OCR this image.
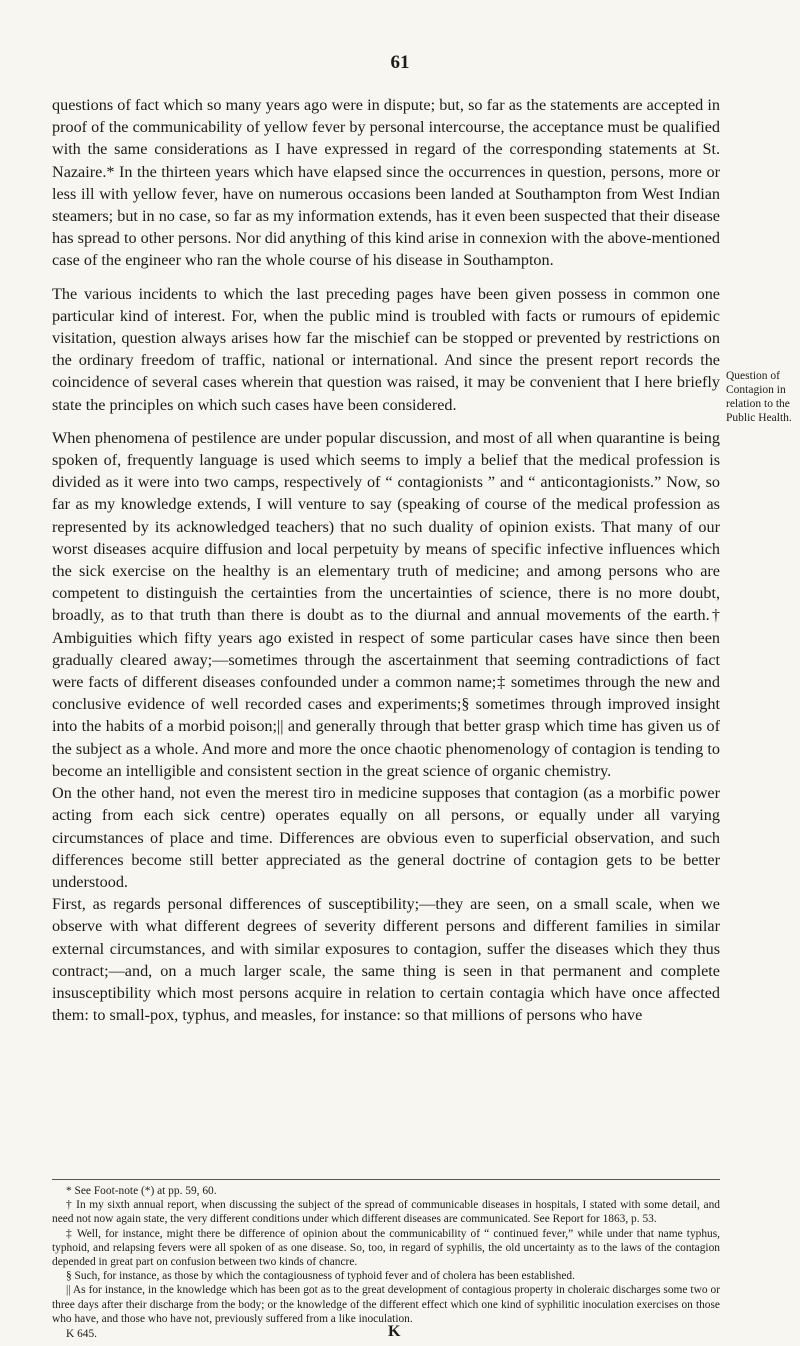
61

questions of fact which so many years ago were in dispute; but, so far as the statements are accepted in proof of the communicability of yellow fever by personal intercourse, the acceptance must be qualified with the same considerations as I have expressed in regard of the corresponding statements at St. Nazaire.* In the thirteen years which have elapsed since the occurrences in question, persons, more or less ill with yellow fever, have on numerous occasions been landed at Southampton from West Indian steamers; but in no case, so far as my information extends, has it even been suspected that their disease has spread to other persons. Nor did anything of this kind arise in connexion with the above-mentioned case of the engineer who ran the whole course of his disease in Southampton.

The various incidents to which the last preceding pages have been given possess in common one particular kind of interest. For, when the public mind is troubled with facts or rumours of epidemic visitation, question always arises how far the mischief can be stopped or prevented by restrictions on the ordinary freedom of traffic, national or international. And since the present report records the coincidence of several cases wherein that question was raised, it may be convenient that I here briefly state the principles on which such cases have been considered.

When phenomena of pestilence are under popular discussion, and most of all when quarantine is being spoken of, frequently language is used which seems to imply a belief that the medical profession is divided as it were into two camps, respectively of “ contagionists ” and “ anticontagionists.” Now, so far as my knowledge extends, I will venture to say (speaking of course of the medical profession as represented by its acknowledged teachers) that no such duality of opinion exists. That many of our worst diseases acquire diffusion and local perpetuity by means of specific infective influences which the sick exercise on the healthy is an elementary truth of medicine; and among persons who are competent to distinguish the certainties from the uncertainties of science, there is no more doubt, broadly, as to that truth than there is doubt as to the diurnal and annual movements of the earth.† Ambiguities which fifty years ago existed in respect of some particular cases have since then been gradually cleared away;—sometimes through the ascertainment that seeming contradictions of fact were facts of different diseases confounded under a common name;‡ sometimes through the new and conclusive evidence of well recorded cases and experiments;§ sometimes through improved insight into the habits of a morbid poison;|| and generally through that better grasp which time has given us of the subject as a whole. And more and more the once chaotic phenomenology of contagion is tending to become an intelligible and consistent section in the great science of organic chemistry.

On the other hand, not even the merest tiro in medicine supposes that contagion (as a morbific power acting from each sick centre) operates equally on all persons, or equally under all varying circumstances of place and time. Differences are obvious even to superficial observation, and such differences become still better appreciated as the general doctrine of contagion gets to be better understood.

First, as regards personal differences of susceptibility;—they are seen, on a small scale, when we observe with what different degrees of severity different persons and different families in similar external circumstances, and with similar exposures to contagion, suffer the diseases which they thus contract;—and, on a much larger scale, the same thing is seen in that permanent and complete insusceptibility which most persons acquire in relation to certain contagia which have once affected them: to small-pox, typhus, and measles, for instance: so that millions of persons who have

Question of Contagion in relation to the Public Health.

* See Foot-note (*) at pp. 59, 60.

† In my sixth annual report, when discussing the subject of the spread of communicable diseases in hospitals, I stated with some detail, and need not now again state, the very different conditions under which different diseases are communicated. See Report for 1863, p. 53.

‡ Well, for instance, might there be difference of opinion about the communicability of “ continued fever,” while under that name typhus, typhoid, and relapsing fevers were all spoken of as one disease. So, too, in regard of syphilis, the old uncertainty as to the laws of the contagion depended in great part on confusion between two kinds of chancre.

§ Such, for instance, as those by which the contagiousness of typhoid fever and of cholera has been established.

|| As for instance, in the knowledge which has been got as to the great development of contagious property in choleraic discharges some two or three days after their discharge from the body; or the knowledge of the different effect which one kind of syphilitic inoculation exercises on those who have, and those who have not, previously suffered from a like inoculation.

K 645.	K
